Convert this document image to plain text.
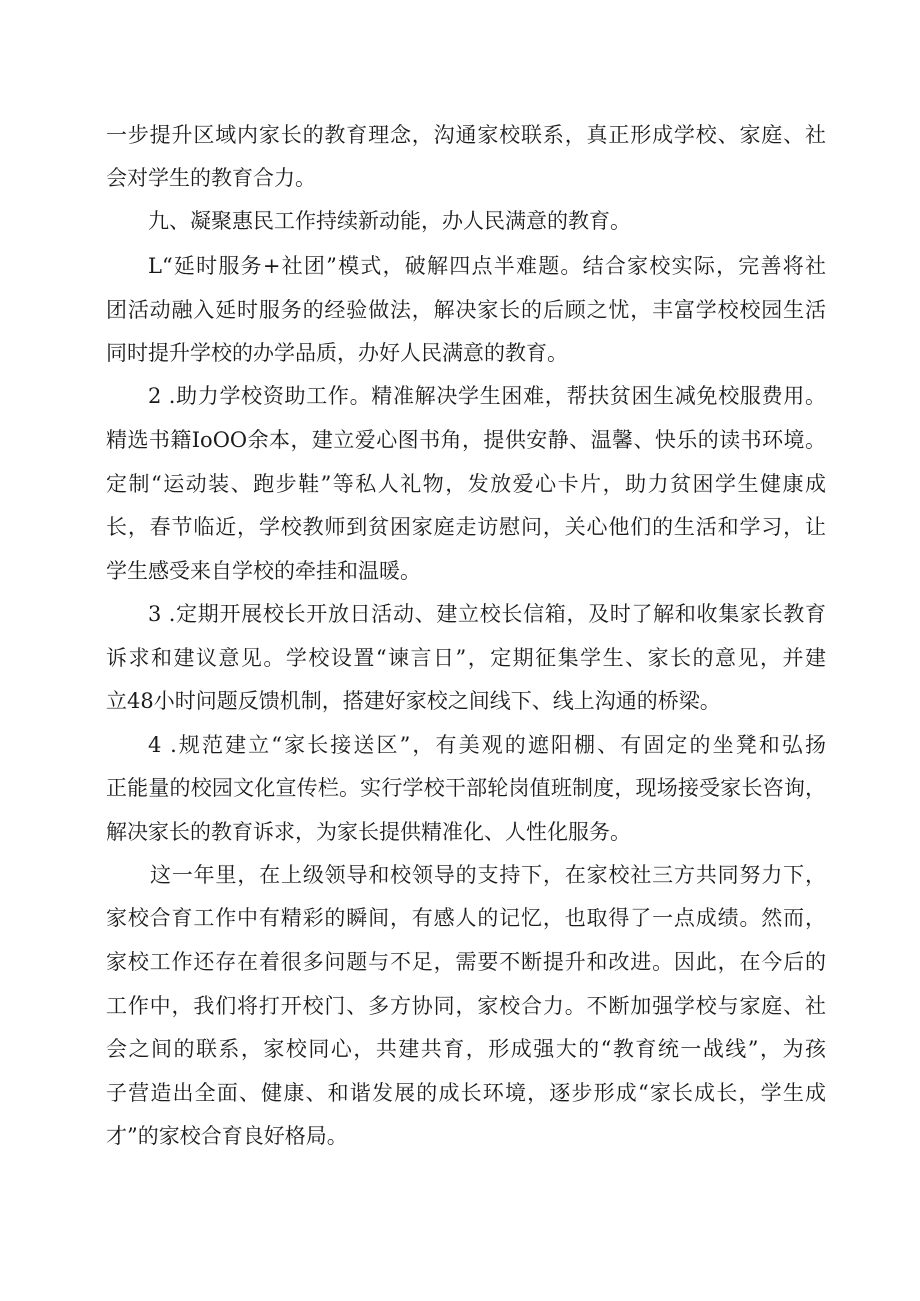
一步提升区域内家长的教育理念，沟通家校联系，真正形成学校、家庭、社
会对学生的教育合力。
九、凝聚惠民工作持续新动能，办人民满意的教育。
L“延时服务+社团”模式，破解四点半难题。结合家校实际，完善将社
团活动融入延时服务的经验做法，解决家长的后顾之忧，丰富学校校园生活
同时提升学校的办学品质，办好人民满意的教育。
2 .助力学校资助工作。精准解决学生困难，帮扶贫困生减免校服费用。
精选书籍IoOO余本，建立爱心图书角，提供安静、温馨、快乐的读书环境。
定制“运动装、跑步鞋”等私人礼物，发放爱心卡片，助力贫困学生健康成
长，春节临近，学校教师到贫困家庭走访慰问，关心他们的生活和学习，让
学生感受来自学校的牵挂和温暖。
3 .定期开展校长开放日活动、建立校长信箱，及时了解和收集家长教育
诉求和建议意见。学校设置“谏言日”，定期征集学生、家长的意见，并建
立48小时问题反馈机制，搭建好家校之间线下、线上沟通的桥梁。
4 .规范建立“家长接送区”，有美观的遮阳棚、有固定的坐凳和弘扬
正能量的校园文化宣传栏。实行学校干部轮岗值班制度，现场接受家长咨询，
解决家长的教育诉求，为家长提供精准化、人性化服务。
这一年里，在上级领导和校领导的支持下，在家校社三方共同努力下，
家校合育工作中有精彩的瞬间，有感人的记忆，也取得了一点成绩。然而，
家校工作还存在着很多问题与不足，需要不断提升和改进。因此，在今后的
工作中，我们将打开校门、多方协同，家校合力。不断加强学校与家庭、社
会之间的联系，家校同心，共建共育，形成强大的“教育统一战线”，为孩
子营造出全面、健康、和谐发展的成长环境，逐步形成“家长成长，学生成
才”的家校合育良好格局。
